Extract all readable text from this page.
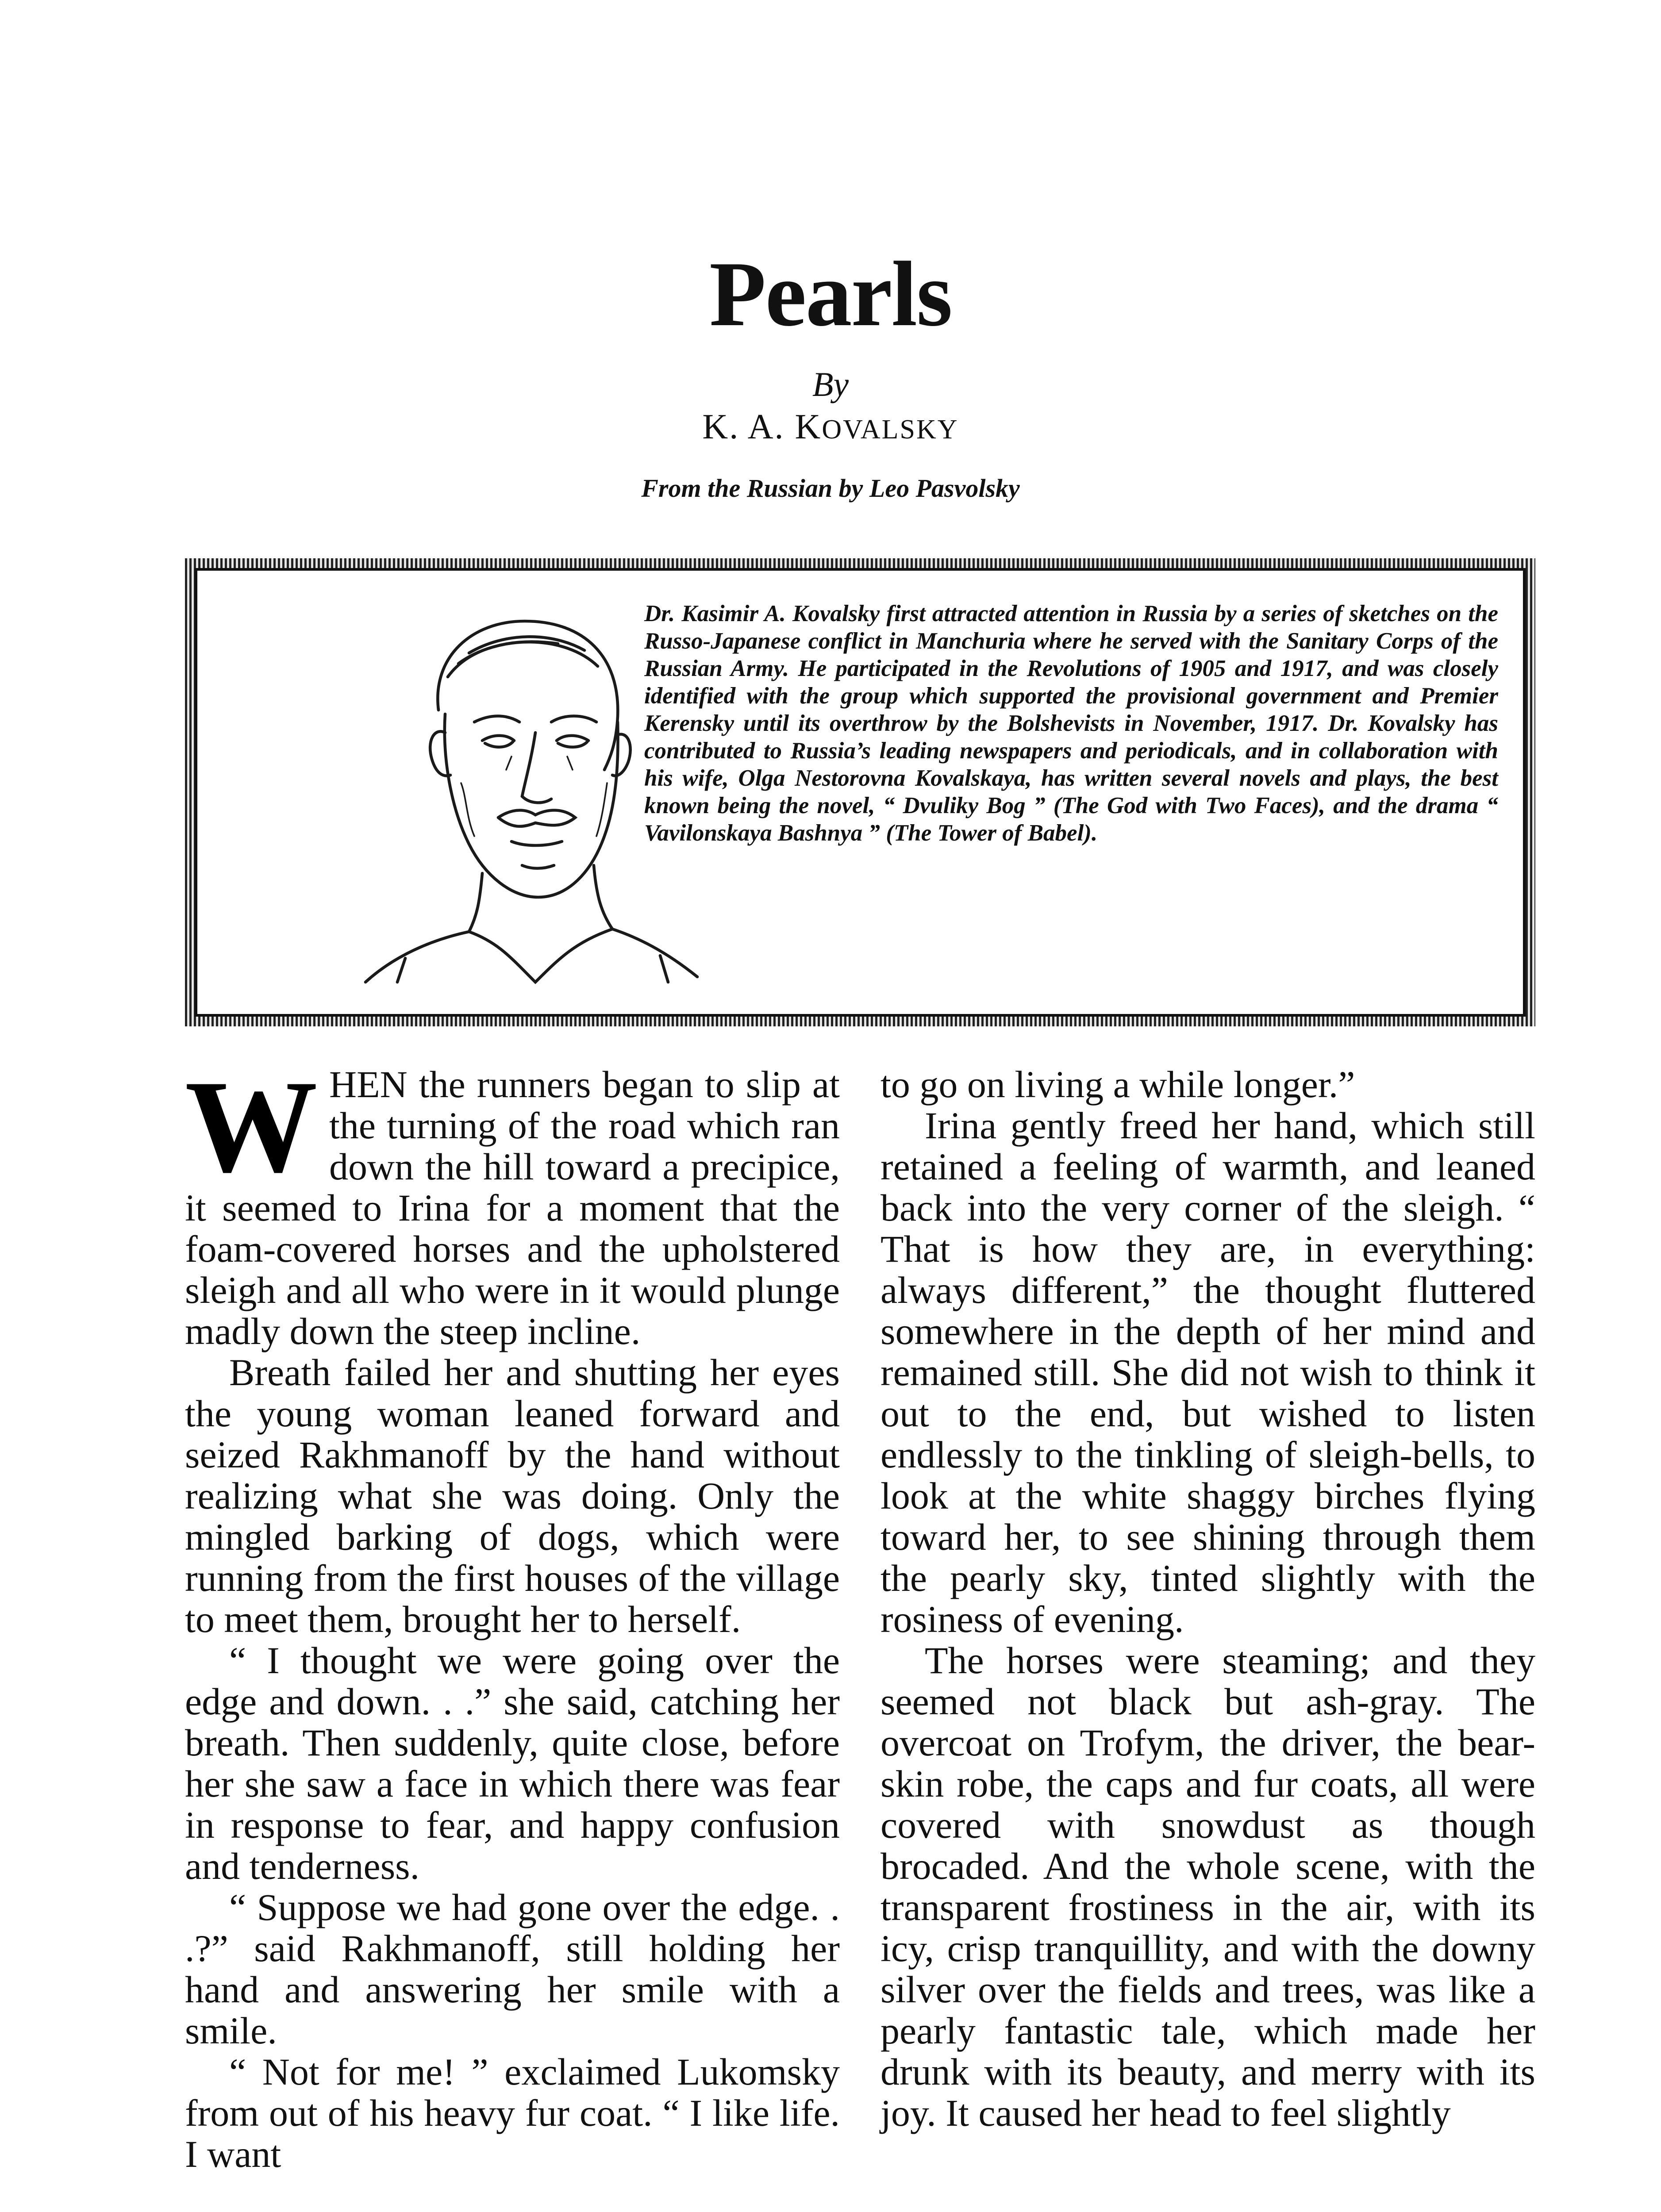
Pearls
By
K. A. KOVALSKY
From the Russian by Leo Pasvolsky

Dr. Kasimir A. Kovalsky first attracted attention in Russia by a series of sketches on the Russo-Japanese conflict in Manchuria where he served with the Sanitary Corps of the Russian Army. He participated in the Revolutions of 1905 and 1917, and was closely identified with the group which supported the provisional government and Premier Kerensky until its overthrow by the Bolshevists in November, 1917. Dr. Kovalsky has contributed to Russia’s leading newspapers and periodicals, and in collaboration with his wife, Olga Nestorovna Kovalskaya, has written several novels and plays, the best known being the novel, “ Dvuliky Bog ” (The God with Two Faces), and the drama “ Vavilonskaya Bashnya ” (The Tower of Babel).

WHEN the runners began to slip at the turning of the road which ran down the hill toward a precipice, it seemed to Irina for a moment that the foam-covered horses and the upholstered sleigh and all who were in it would plunge madly down the steep incline.

Breath failed her and shutting her eyes the young woman leaned forward and seized Rakhmanoff by the hand without realizing what she was doing. Only the mingled barking of dogs, which were running from the first houses of the village to meet them, brought her to herself.

“ I thought we were going over the edge and down. . .” she said, catching her breath. Then suddenly, quite close, before her she saw a face in which there was fear in response to fear, and happy confusion and tenderness.

“ Suppose we had gone over the edge. . .?” said Rakhmanoff, still holding her hand and answering her smile with a smile.

“ Not for me! ” exclaimed Lukomsky from out of his heavy fur coat. “ I like life. I want

to go on living a while longer.”

Irina gently freed her hand, which still retained a feeling of warmth, and leaned back into the very corner of the sleigh. “ That is how they are, in everything: always different,” the thought fluttered somewhere in the depth of her mind and remained still. She did not wish to think it out to the end, but wished to listen endlessly to the tinkling of sleigh-bells, to look at the white shaggy birches flying toward her, to see shining through them the pearly sky, tinted slightly with the rosiness of evening.

The horses were steaming; and they seemed not black but ash-gray. The overcoat on Trofym, the driver, the bear-skin robe, the caps and fur coats, all were covered with snowdust as though brocaded. And the whole scene, with the transparent frostiness in the air, with its icy, crisp tranquillity, and with the downy silver over the fields and trees, was like a pearly fantastic tale, which made her drunk with its beauty, and merry with its joy. It caused her head to feel slightly
